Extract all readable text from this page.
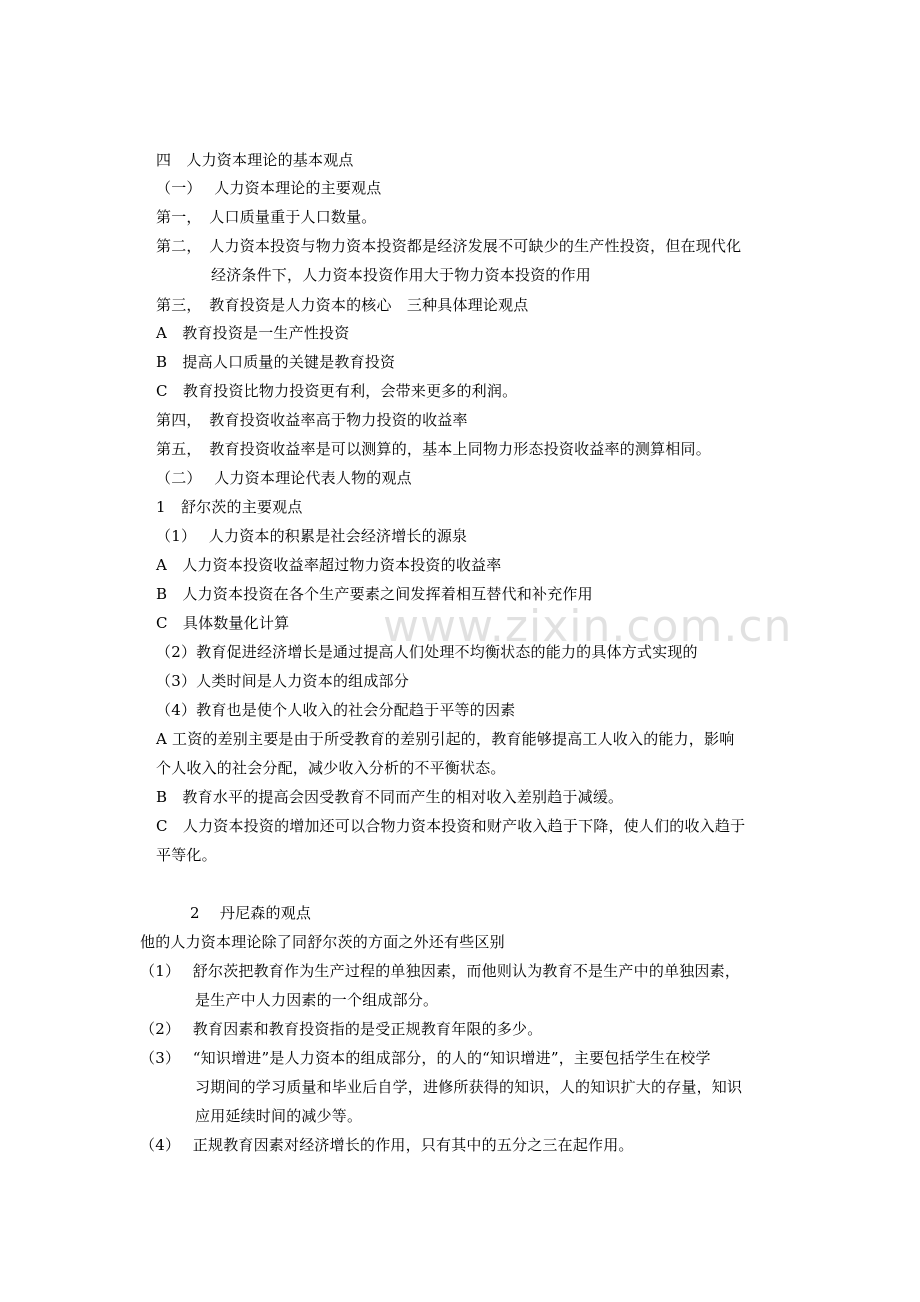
四　人力资本理论的基本观点
（一）　 人力资本理论的主要观点
第一，　人口质量重于人口数量。
第二，　人力资本投资与物力资本投资都是经济发展不可缺少的生产性投资，但在现代化
经济条件下，人力资本投资作用大于物力资本投资的作用
第三，　教育投资是人力资本的核心　三种具体理论观点
A　教育投资是一生产性投资
B　提高人口质量的关键是教育投资
C　教育投资比物力投资更有利，会带来更多的利润。
第四，　教育投资收益率高于物力投资的收益率
第五，　教育投资收益率是可以测算的，基本上同物力形态投资收益率的测算相同。
（二）　 人力资本理论代表人物的观点
1　舒尔茨的主要观点
（1）　 人力资本的积累是社会经济增长的源泉
A　人力资本投资收益率超过物力资本投资的收益率
B　人力资本投资在各个生产要素之间发挥着相互替代和补充作用
C　具体数量化计算
（2）教育促进经济增长是通过提高人们处理不均衡状态的能力的具体方式实现的
（3）人类时间是人力资本的组成部分
（4）教育也是使个人收入的社会分配趋于平等的因素
A 工资的差别主要是由于所受教育的差别引起的，教育能够提高工人收入的能力，影响
个人收入的社会分配，减少收入分析的不平衡状态。
B　教育水平的提高会因受教育不同而产生的相对收入差别趋于减缓。
C　人力资本投资的增加还可以合物力资本投资和财产收入趋于下降，使人们的收入趋于
平等化。
2　 丹尼森的观点
他的人力资本理论除了同舒尔茨的方面之外还有些区别
（1）　 舒尔茨把教育作为生产过程的单独因素，而他则认为教育不是生产中的单独因素，
是生产中人力因素的一个组成部分。
（2）　 教育因素和教育投资指的是受正规教育年限的多少。
（3）　 “知识增进”是人力资本的组成部分，的人的“知识增进”，主要包括学生在校学
习期间的学习质量和毕业后自学，进修所获得的知识，人的知识扩大的存量，知识
应用延续时间的减少等。
（4）　 正规教育因素对经济增长的作用，只有其中的五分之三在起作用。
www.zixin.com.cn
